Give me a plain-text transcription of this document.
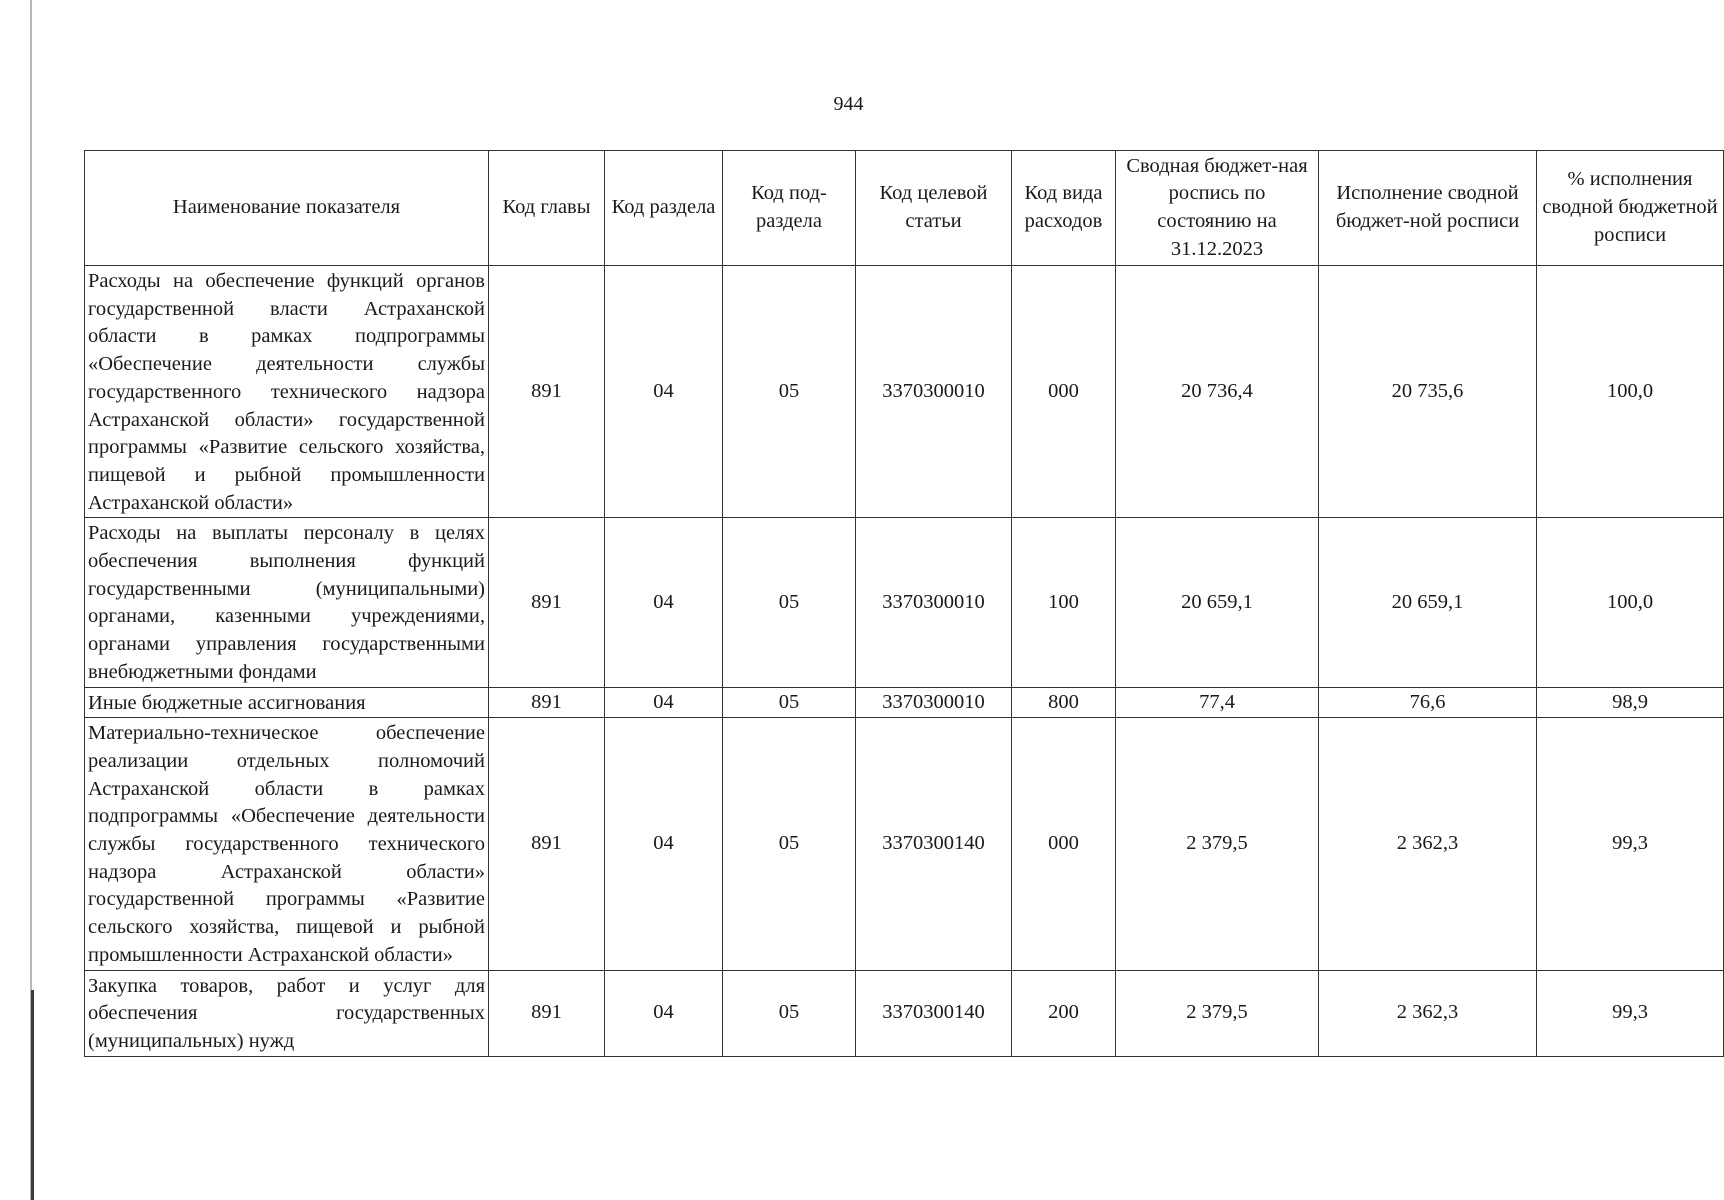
944
Наименование показателя	Код главы	Код раздела	Код под-раздела	Код целевой статьи	Код вида расходов	Сводная бюджет-ная роспись по состоянию на 31.12.2023	Исполнение сводной бюджет-ной росписи	% исполнения сводной бюджетной росписи
Расходы на обеспечение функций органов государственной власти Астраханской области в рамках подпрограммы «Обеспечение деятельности службы государственного технического надзора Астраханской области» государственной программы «Развитие сельского хозяйства, пищевой и рыбной промышленности Астраханской области»	891	04	05	3370300010	000	20 736,4	20 735,6	100,0
Расходы на выплаты персоналу в целях обеспечения выполнения функций государственными (муниципальными) органами, казенными учреждениями, органами управления государственными внебюджетными фондами	891	04	05	3370300010	100	20 659,1	20 659,1	100,0
Иные бюджетные ассигнования	891	04	05	3370300010	800	77,4	76,6	98,9
Материально-техническое обеспечение реализации отдельных полномочий Астраханской области в рамках подпрограммы «Обеспечение деятельности службы государственного технического надзора Астраханской области» государственной программы «Развитие сельского хозяйства, пищевой и рыбной промышленности Астраханской области»	891	04	05	3370300140	000	2 379,5	2 362,3	99,3
Закупка товаров, работ и услуг для обеспечения государственных (муниципальных) нужд	891	04	05	3370300140	200	2 379,5	2 362,3	99,3
